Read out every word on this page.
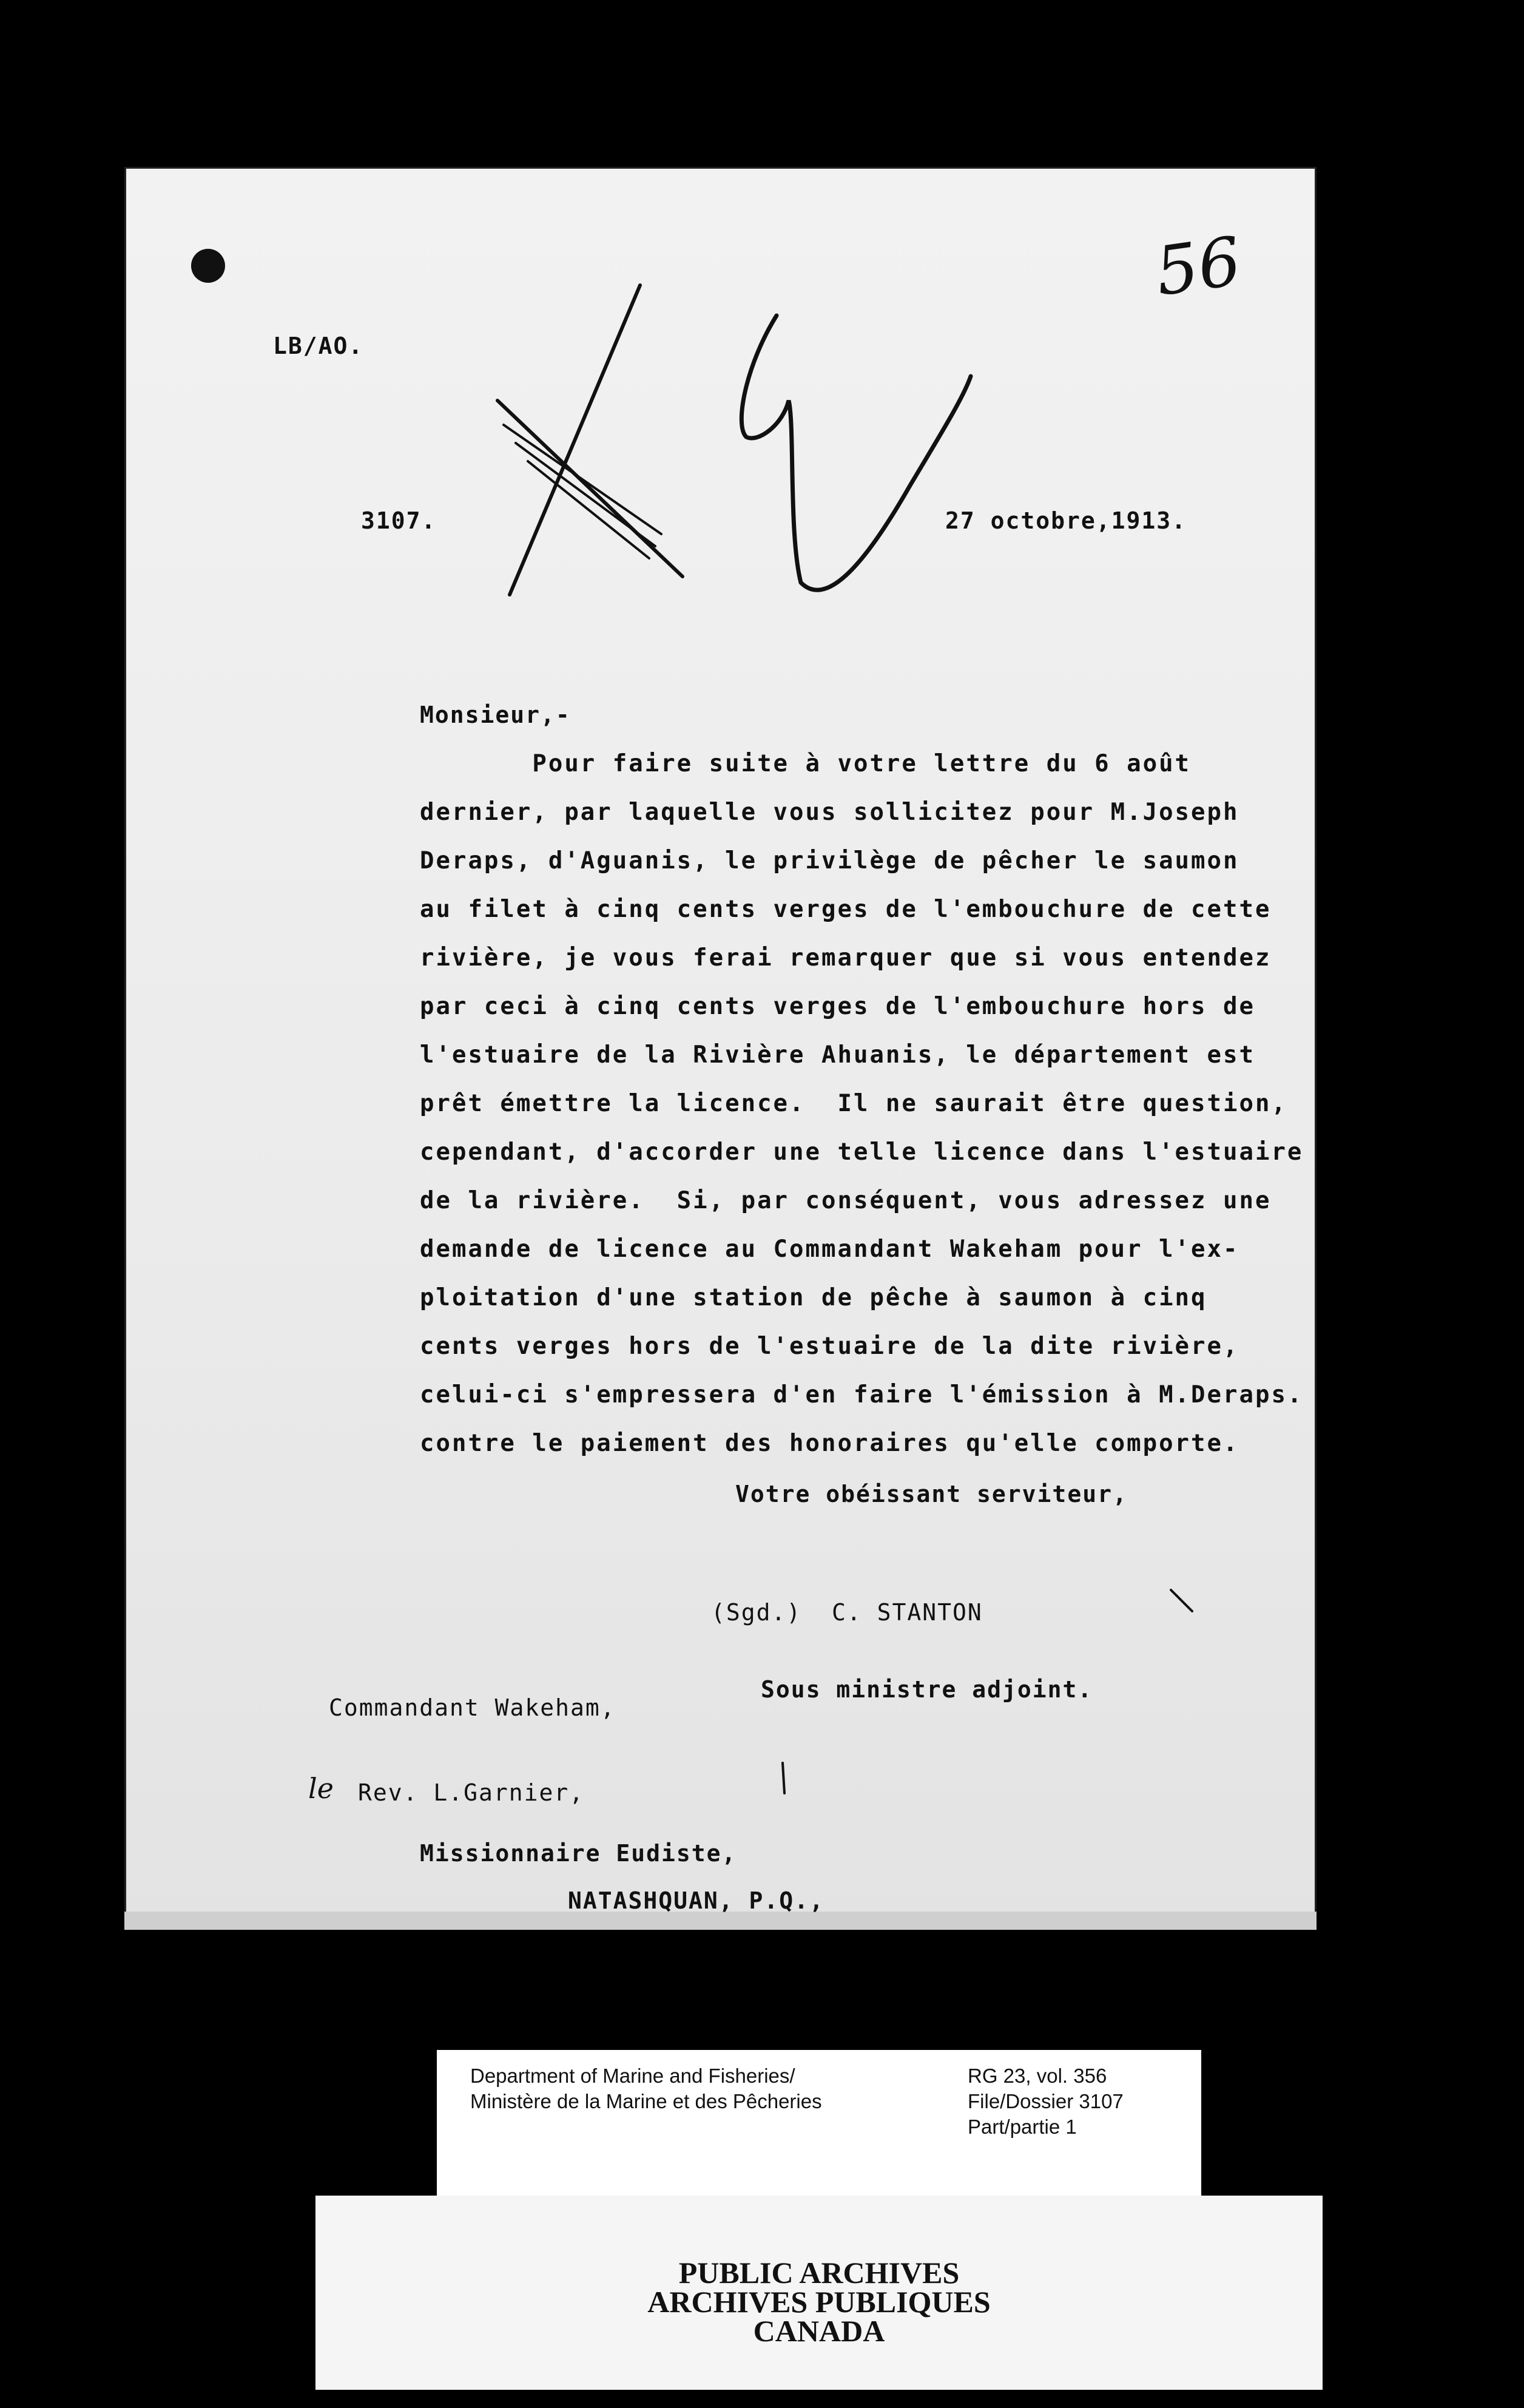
56
LB/AO.
3107.	27 octobre,1913.
Monsieur,-
Pour faire suite à votre lettre du 6 août
dernier, par laquelle vous sollicitez pour M.Joseph
Deraps, d'Aguanis, le privilège de pêcher le saumon
au filet à cinq cents verges de l'embouchure de cette
rivière, je vous ferai remarquer que si vous entendez
par ceci à cinq cents verges de l'embouchure hors de
l'estuaire de la Rivière Ahuanis, le département est
prêt émettre la licence.  Il ne saurait être question,
cependant, d'accorder une telle licence dans l'estuaire
de la rivière.  Si, par conséquent, vous adressez une
demande de licence au Commandant Wakeham pour l'ex-
ploitation d'une station de pêche à saumon à cinq
cents verges hors de l'estuaire de la dite rivière,
celui-ci s'empressera d'en faire l'émission à M.Deraps.
contre le paiement des honoraires qu'elle comporte.
Votre obéissant serviteur,
(Sgd.)  C. STANTON
Sous ministre adjoint.
Commandant Wakeham,
le Rev. L.Garnier,
Missionnaire Eudiste,
NATASHQUAN, P.Q.,
Department of Marine and Fisheries/
Ministère de la Marine et des Pêcheries
RG 23, vol. 356
File/Dossier 3107
Part/partie 1
PUBLIC ARCHIVES
ARCHIVES PUBLIQUES
CANADA
